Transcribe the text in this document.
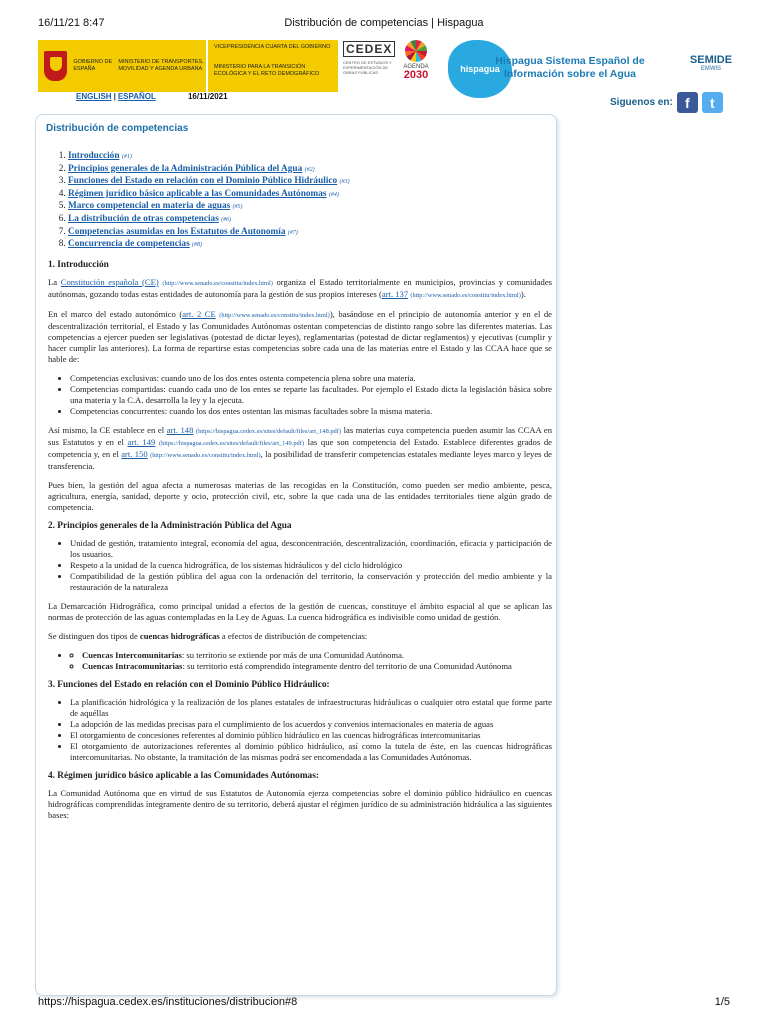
16/11/21 8:47	Distribución de competencias | Hispagua
GOBIERNO DE ESPAÑA
MINISTERIO DE TRANSPORTES, MOVILIDAD Y AGENDA URBANA
VICEPRESIDENCIA CUARTA DEL GOBIERNO
MINISTERIO PARA LA TRANSICIÓN ECOLÓGICA Y EL RETO DEMOGRÁFICO
CEDEX
CENTRO DE ESTUDIOS Y EXPERIMENTACIÓN DE OBRAS PÚBLICAS
AGENDA
2030	hispagua
Hispagua Sistema Español de Información sobre el Agua
SEMIDE
EMWIS
ENGLISH | ESPAÑOL	16/11/2021
Siguenos en: f	t
Distribución de competencias
1. Introducción (#1)
2. Principios generales de la Administración Pública del Agua (#2)
3. Funciones del Estado en relación con el Dominio Público Hidráulico (#3)
4. Régimen jurídico básico aplicable a las Comunidades Autónomas (#4)
5. Marco competencial en materia de aguas (#5)
6. La distribución de otras competencias (#6)
7. Competencias asumidas en los Estatutos de Autonomía (#7)
8. Concurrencia de competencias (#8)
1. Introducción

La Constitución española (CE) (http://www.senado.es/constitu/index.html) organiza el Estado territorialmente en municipios, provincias y comunidades autónomas, gozando todas estas entidades de autonomía para la gestión de sus propios intereses (art. 137 (http://www.senado.es/constitu/index.html)).

En el marco del estado autonómico (art. 2 CE (http://www.senado.es/constitu/index.html)), basándose en el principio de autonomía anterior y en el de descentralización territorial, el Estado y las Comunidades Autónomas ostentan competencias de distinto rango sobre las diferentes materias. Las competencias a ejercer pueden ser legislativas (potestad de dictar leyes), reglamentarias (potestad de dictar reglamentos) y ejecutivas (cumplir y hacer cumplir las anteriores). La forma de repartirse estas competencias sobre cada una de las materias entre el Estado y las CCAA hace que se hable de:

• Competencias exclusivas: cuando uno de los dos entes ostenta competencia plena sobre una materia.
• Competencias compartidas: cuando cada uno de los entes se reparte las facultades. Por ejemplo el Estado dicta la legislación básica sobre una materia y la C.A. desarrolla la ley y la ejecuta.
• Competencias concurrentes: cuando los dos entes ostentan las mismas facultades sobre la misma materia.

Así mismo, la CE establece en el art. 148 (https://hispagua.cedex.es/sites/default/files/art_148.pdf) las materias cuya competencia pueden asumir las CCAA en sus Estatutos y en el art. 149 (https://hispagua.cedex.es/sites/default/files/art_149.pdf) las que son competencia del Estado. Establece diferentes grados de competencia y, en el art. 150 (http://www.senado.es/constitu/index.html), la posibilidad de transferir competencias estatales mediante leyes marco y leyes de transferencia.

Pues bien, la gestión del agua afecta a numerosas materias de las recogidas en la Constitución, como pueden ser medio ambiente, pesca, agricultura, energía, sanidad, deporte y ocio, protección civil, etc, sobre la que cada una de las entidades territoriales tiene algún grado de competencia.

2. Principios generales de la Administración Pública del Agua
• Unidad de gestión, tratamiento integral, economía del agua, desconcentración, descentralización, coordinación, eficacia y participación de los usuarios.
• Respeto a la unidad de la cuenca hidrográfica, de los sistemas hidráulicos y del ciclo hidrológico
• Compatibilidad de la gestión pública del agua con la ordenación del territorio, la conservación y protección del medio ambiente y la restauración de la naturaleza

La Demarcación Hidrográfica, como principal unidad a efectos de la gestión de cuencas, constituye el ámbito espacial al que se aplican las normas de protección de las aguas contempladas en la Ley de Aguas. La cuenca hidrográfica es indivisible como unidad de gestión.

Se distinguen dos tipos de cuencas hidrográficas a efectos de distribución de competencias:

◦ • Cuencas Intercomunitarias: su territorio se extiende por más de una Comunidad Autónoma.
◦ Cuencas Intracomunitarias: su territorio está comprendido íntegramente dentro del territorio de una Comunidad Autónoma
3. Funciones del Estado en relación con el Dominio Público Hidráulico:
• La planificación hidrológica y la realización de los planes estatales de infraestructuras hidráulicas o cualquier otro estatal que forme parte de aquéllas
• La adopción de las medidas precisas para el cumplimiento de los acuerdos y convenios internacionales en materia de aguas
• El otorgamiento de concesiones referentes al dominio público hidráulico en las cuencas hidrográficas intercomunitarias
• El otorgamiento de autorizaciones referentes al dominio público hidráulico, así como la tutela de éste, en las cuencas hidrográficas intercomunitarias. No obstante, la tramitación de las mismas podrá ser encomendada a las Comunidades Autónomas.
4. Régimen jurídico básico aplicable a las Comunidades Autónomas:

La Comunidad Autónoma que en virtud de sus Estatutos de Autonomía ejerza competencias sobre el dominio público hidráulico en cuencas hidrográficas comprendidas íntegramente dentro de su territorio, deberá ajustar el régimen jurídico de su administración hidráulica a las siguientes bases:

https://hispagua.cedex.es/instituciones/distribucion#8	1/5
